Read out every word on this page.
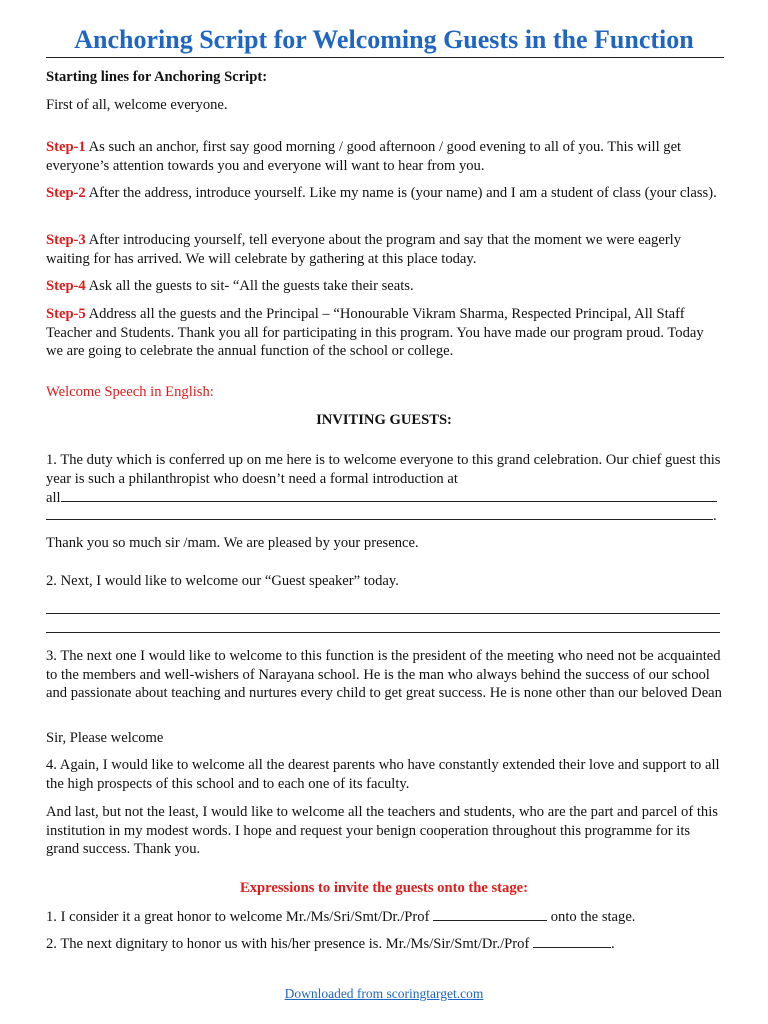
Anchoring Script for Welcoming Guests in the Function

Starting lines for Anchoring Script:

First of all, welcome everyone.

Step-1 As such an anchor, first say good morning / good afternoon / good evening to all of you. This will get everyone’s attention towards you and everyone will want to hear from you.

Step-2 After the address, introduce yourself. Like my name is (your name) and I am a student of class (your class).

Step-3 After introducing yourself, tell everyone about the program and say that the moment we were eagerly waiting for has arrived. We will celebrate by gathering at this place today.

Step-4 Ask all the guests to sit- “All the guests take their seats.

Step-5 Address all the guests and the Principal – “Honourable Vikram Sharma, Respected Principal, All Staff Teacher and Students. Thank you all for participating in this program. You have made our program proud. Today we are going to celebrate the annual function of the school or college.

Welcome Speech in English:

INVITING GUESTS:

1. The duty which is conferred up on me here is to welcome everyone to this grand celebration. Our chief guest this year is such a philanthropist who doesn’t need a formal introduction at

all

.

Thank you so much sir /mam. We are pleased by your presence.

2. Next, I would like to welcome our “Guest speaker” today.

3. The next one I would like to welcome to this function is the president of the meeting who need not be acquainted to the members and well-wishers of Narayana school. He is the man who always behind the success of our school and passionate about teaching and nurtures every child to get great success. He is none other than our beloved Dean

Sir, Please welcome

4. Again, I would like to welcome all the dearest parents who have constantly extended their love and support to all the high prospects of this school and to each one of its faculty.

And last, but not the least, I would like to welcome all the teachers and students, who are the part and parcel of this institution in my modest words. I hope and request your benign cooperation throughout this programme for its grand success. Thank you.

Expressions to invite the guests onto the stage:

1. I consider it a great honor to welcome Mr./Ms/Sri/Smt/Dr./Prof	onto the stage.

2. The next dignitary to honor us with his/her presence is. Mr./Ms/Sir/Smt/Dr./Prof	.

Downloaded from scoringtarget.com
